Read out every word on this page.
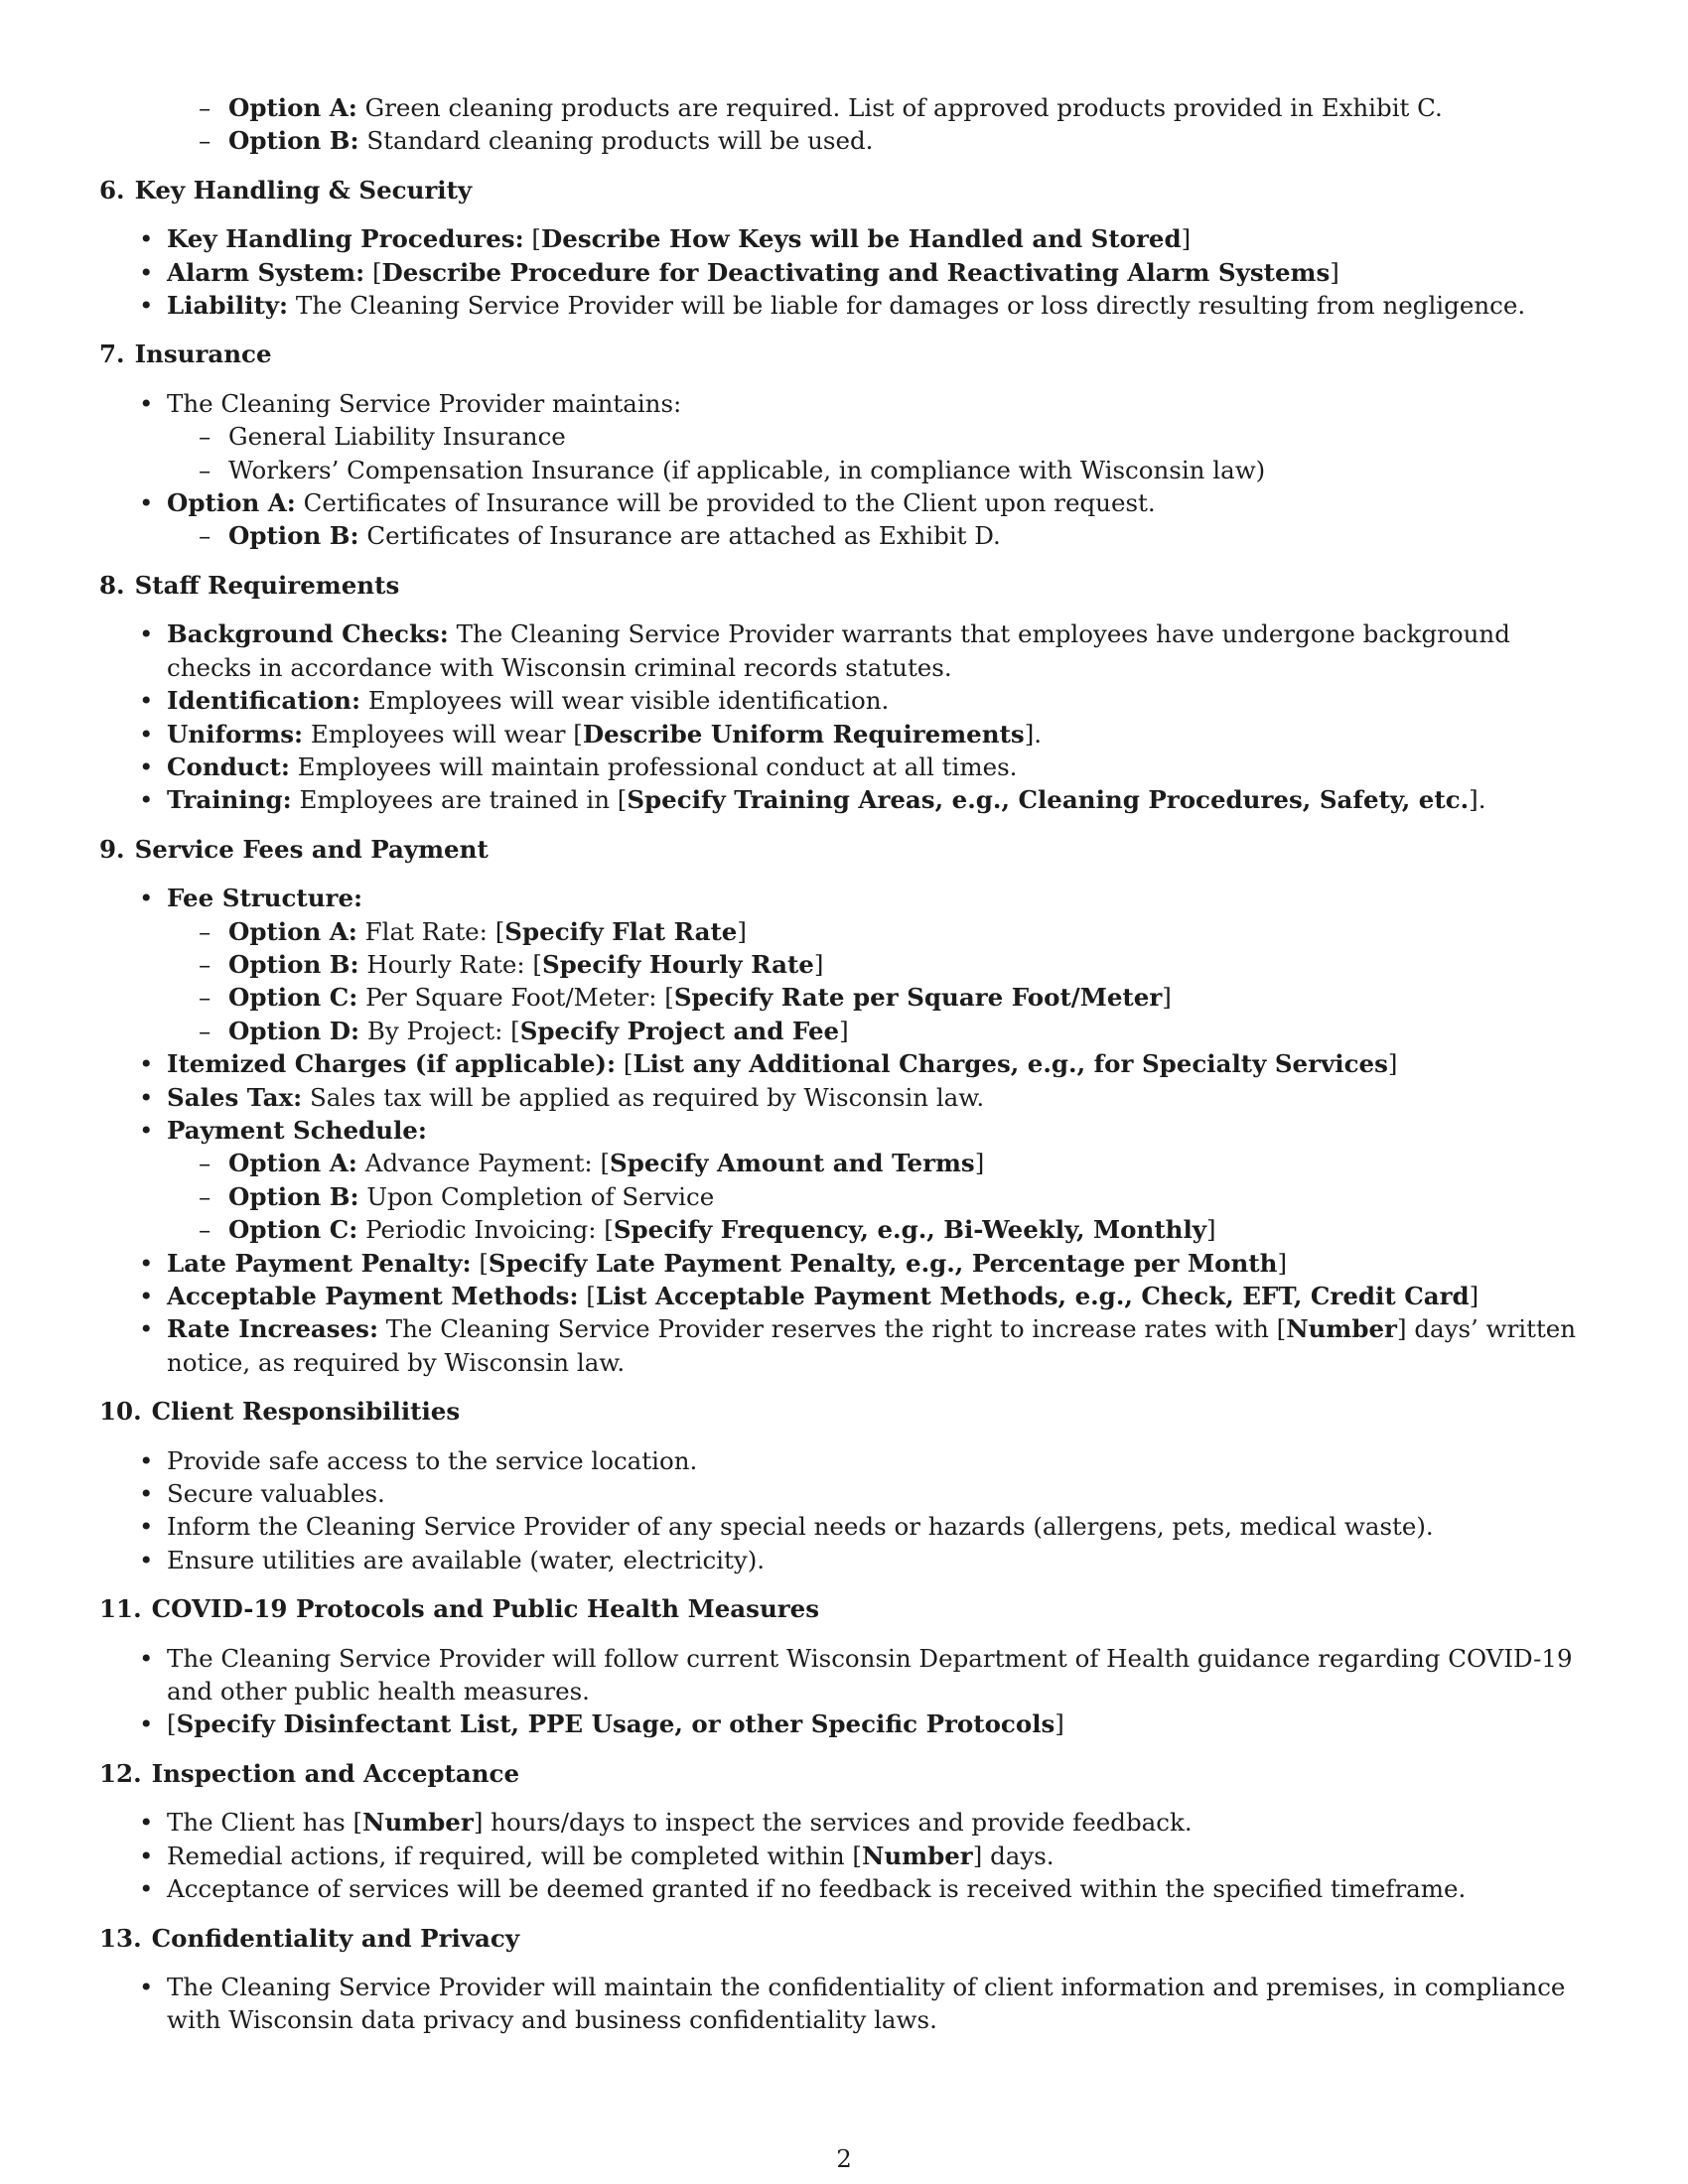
– Option A: Green cleaning products are required. List of approved products provided in Exhibit C.
– Option B: Standard cleaning products will be used.
6. Key Handling & Security
• Key Handling Procedures: [Describe How Keys will be Handled and Stored]
• Alarm System: [Describe Procedure for Deactivating and Reactivating Alarm Systems]
• Liability: The Cleaning Service Provider will be liable for damages or loss directly resulting from negligence.
7. Insurance
• The Cleaning Service Provider maintains:
– General Liability Insurance
– Workers’ Compensation Insurance (if applicable, in compliance with Wisconsin law)
• Option A: Certificates of Insurance will be provided to the Client upon request.
– Option B: Certificates of Insurance are attached as Exhibit D.
8. Staff Requirements
• Background Checks: The Cleaning Service Provider warrants that employees have undergone background checks in accordance with Wisconsin criminal records statutes.
• Identification: Employees will wear visible identification.
• Uniforms: Employees will wear [Describe Uniform Requirements].
• Conduct: Employees will maintain professional conduct at all times.
• Training: Employees are trained in [Specify Training Areas, e.g., Cleaning Procedures, Safety, etc.].
9. Service Fees and Payment
• Fee Structure:
– Option A: Flat Rate: [Specify Flat Rate]
– Option B: Hourly Rate: [Specify Hourly Rate]
– Option C: Per Square Foot/Meter: [Specify Rate per Square Foot/Meter]
– Option D: By Project: [Specify Project and Fee]
• Itemized Charges (if applicable): [List any Additional Charges, e.g., for Specialty Services]
• Sales Tax: Sales tax will be applied as required by Wisconsin law.
• Payment Schedule:
– Option A: Advance Payment: [Specify Amount and Terms]
– Option B: Upon Completion of Service
– Option C: Periodic Invoicing: [Specify Frequency, e.g., Bi-Weekly, Monthly]
• Late Payment Penalty: [Specify Late Payment Penalty, e.g., Percentage per Month]
• Acceptable Payment Methods: [List Acceptable Payment Methods, e.g., Check, EFT, Credit Card]
• Rate Increases: The Cleaning Service Provider reserves the right to increase rates with [Number] days’ written notice, as required by Wisconsin law.
10. Client Responsibilities
• Provide safe access to the service location.
• Secure valuables.
• Inform the Cleaning Service Provider of any special needs or hazards (allergens, pets, medical waste).
• Ensure utilities are available (water, electricity).
11. COVID-19 Protocols and Public Health Measures
• The Cleaning Service Provider will follow current Wisconsin Department of Health guidance regarding COVID-19 and other public health measures.
• [Specify Disinfectant List, PPE Usage, or other Specific Protocols]
12. Inspection and Acceptance
• The Client has [Number] hours/days to inspect the services and provide feedback.
• Remedial actions, if required, will be completed within [Number] days.
• Acceptance of services will be deemed granted if no feedback is received within the specified timeframe.
13. Confidentiality and Privacy
• The Cleaning Service Provider will maintain the confidentiality of client information and premises, in compliance with Wisconsin data privacy and business confidentiality laws.
2
